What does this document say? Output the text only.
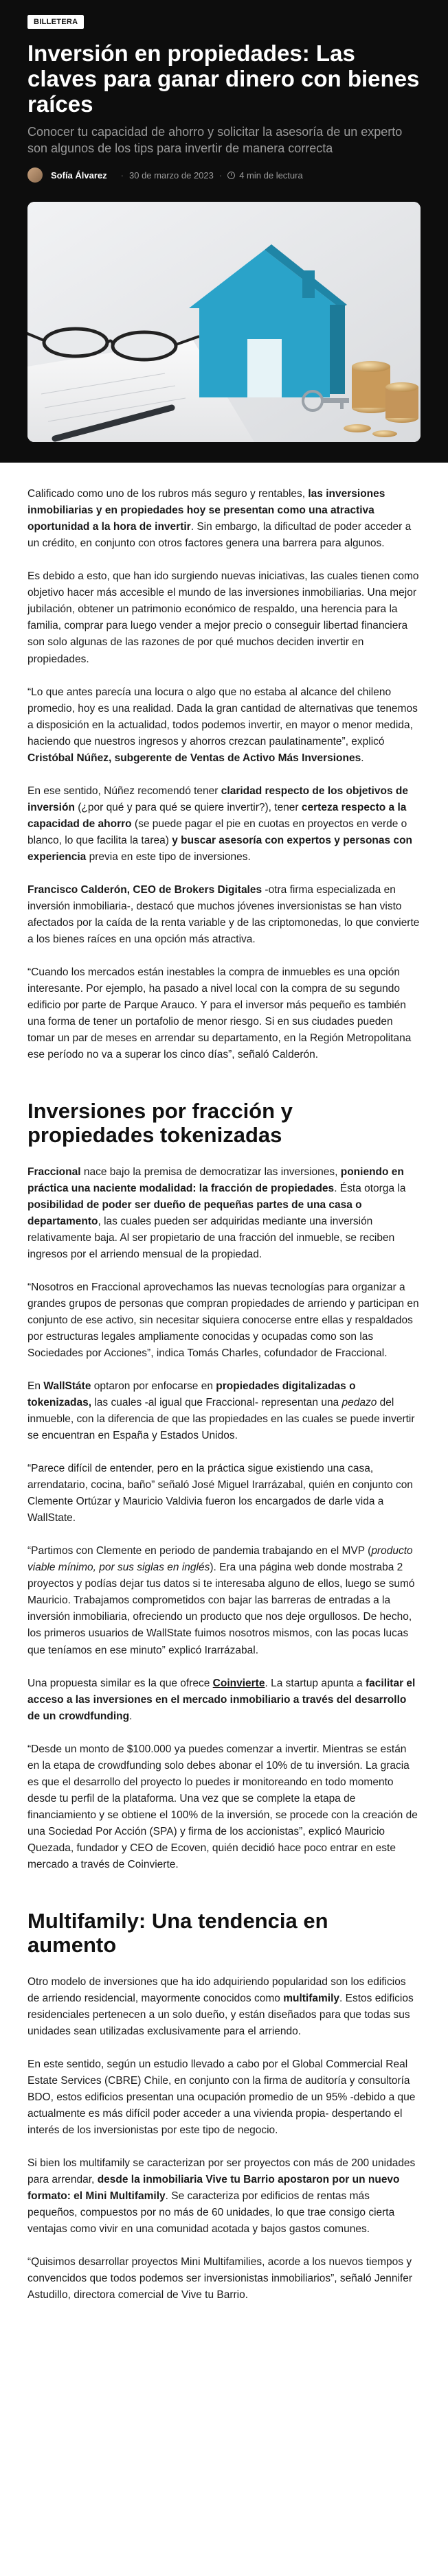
BILLETERA
Inversión en propiedades: Las claves para ganar dinero con bienes raíces

Conocer tu capacidad de ahorro y solicitar la asesoría de un experto son algunos de los tips para invertir de manera correcta

Sofía Álvarez · 30 de marzo de 2023 · 4 min de lectura

Calificado como uno de los rubros más seguro y rentables, las inversiones inmobiliarias y en propiedades hoy se presentan como una atractiva oportunidad a la hora de invertir. Sin embargo, la dificultad de poder acceder a un crédito, en conjunto con otros factores genera una barrera para algunos.

Es debido a esto, que han ido surgiendo nuevas iniciativas, las cuales tienen como objetivo hacer más accesible el mundo de las inversiones inmobiliarias. Una mejor jubilación, obtener un patrimonio económico de respaldo, una herencia para la familia, comprar para luego vender a mejor precio o conseguir libertad financiera son solo algunas de las razones de por qué muchos deciden invertir en propiedades.

“Lo que antes parecía una locura o algo que no estaba al alcance del chileno promedio, hoy es una realidad. Dada la gran cantidad de alternativas que tenemos a disposición en la actualidad, todos podemos invertir, en mayor o menor medida, haciendo que nuestros ingresos y ahorros crezcan paulatinamente”, explicó Cristóbal Núñez, subgerente de Ventas de Activo Más Inversiones.

En ese sentido, Núñez recomendó tener claridad respecto de los objetivos de inversión (¿por qué y para qué se quiere invertir?), tener certeza respecto a la capacidad de ahorro (se puede pagar el pie en cuotas en proyectos en verde o blanco, lo que facilita la tarea) y buscar asesoría con expertos y personas con experiencia previa en este tipo de inversiones.

Francisco Calderón, CEO de Brokers Digitales -otra firma especializada en inversión inmobiliaria-, destacó que muchos jóvenes inversionistas se han visto afectados por la caída de la renta variable y de las criptomonedas, lo que convierte a los bienes raíces en una opción más atractiva.

“Cuando los mercados están inestables la compra de inmuebles es una opción interesante. Por ejemplo, ha pasado a nivel local con la compra de su segundo edificio por parte de Parque Arauco. Y para el inversor más pequeño es también una forma de tener un portafolio de menor riesgo. Si en sus ciudades pueden tomar un par de meses en arrendar su departamento, en la Región Metropolitana ese período no va a superar los cinco días”, señaló Calderón.

Inversiones por fracción y propiedades tokenizadas

Fraccional nace bajo la premisa de democratizar las inversiones, poniendo en práctica una naciente modalidad: la fracción de propiedades. Ésta otorga la posibilidad de poder ser dueño de pequeñas partes de una casa o departamento, las cuales pueden ser adquiridas mediante una inversión relativamente baja. Al ser propietario de una fracción del inmueble, se reciben ingresos por el arriendo mensual de la propiedad.

“Nosotros en Fraccional aprovechamos las nuevas tecnologías para organizar a grandes grupos de personas que compran propiedades de arriendo y participan en conjunto de ese activo, sin necesitar siquiera conocerse entre ellas y respaldados por estructuras legales ampliamente conocidas y ocupadas como son las Sociedades por Acciones”, indica Tomás Charles, cofundador de Fraccional.

En WallStáte optaron por enfocarse en propiedades digitalizadas o tokenizadas, las cuales -al igual que Fraccional- representan una pedazo del inmueble, con la diferencia de que las propiedades en las cuales se puede invertir se encuentran en España y Estados Unidos.

“Parece difícil de entender, pero en la práctica sigue existiendo una casa, arrendatario, cocina, baño” señaló José Miguel Irarrázabal, quién en conjunto con Clemente Ortúzar y Mauricio Valdivia fueron los encargados de darle vida a WallState.

“Partimos con Clemente en periodo de pandemia trabajando en el MVP (producto viable mínimo, por sus siglas en inglés). Era una página web donde mostraba 2 proyectos y podías dejar tus datos si te interesaba alguno de ellos, luego se sumó Mauricio. Trabajamos comprometidos con bajar las barreras de entradas a la inversión inmobiliaria, ofreciendo un producto que nos deje orgullosos. De hecho, los primeros usuarios de WallState fuimos nosotros mismos, con las pocas lucas que teníamos en ese minuto” explicó Irarrázabal.

Una propuesta similar es la que ofrece Coinvierte. La startup apunta a facilitar el acceso a las inversiones en el mercado inmobiliario a través del desarrollo de un crowdfunding.

“Desde un monto de $100.000 ya puedes comenzar a invertir. Mientras se están en la etapa de crowdfunding solo debes abonar el 10% de tu inversión. La gracia es que el desarrollo del proyecto lo puedes ir monitoreando en todo momento desde tu perfil de la plataforma. Una vez que se complete la etapa de financiamiento y se obtiene el 100% de la inversión, se procede con la creación de una Sociedad Por Acción (SPA) y firma de los accionistas”, explicó Mauricio Quezada, fundador y CEO de Ecoven, quién decidió hace poco entrar en este mercado a través de Coinvierte.

Multifamily: Una tendencia en aumento

Otro modelo de inversiones que ha ido adquiriendo popularidad son los edificios de arriendo residencial, mayormente conocidos como multifamily. Estos edificios residenciales pertenecen a un solo dueño, y están diseñados para que todas sus unidades sean utilizadas exclusivamente para el arriendo.

En este sentido, según un estudio llevado a cabo por el Global Commercial Real Estate Services (CBRE) Chile, en conjunto con la firma de auditoría y consultoría BDO, estos edificios presentan una ocupación promedio de un 95% -debido a que actualmente es más difícil poder acceder a una vivienda propia- despertando el interés de los inversionistas por este tipo de negocio.

Si bien los multifamily se caracterizan por ser proyectos con más de 200 unidades para arrendar, desde la inmobiliaria Vive tu Barrio apostaron por un nuevo formato: el Mini Multifamily. Se caracteriza por edificios de rentas más pequeños, compuestos por no más de 60 unidades, lo que trae consigo cierta ventajas como vivir en una comunidad acotada y bajos gastos comunes.

“Quisimos desarrollar proyectos Mini Multifamilies, acorde a los nuevos tiempos y convencidos que todos podemos ser inversionistas inmobiliarios”, señaló Jennifer Astudillo, directora comercial de Vive tu Barrio.
